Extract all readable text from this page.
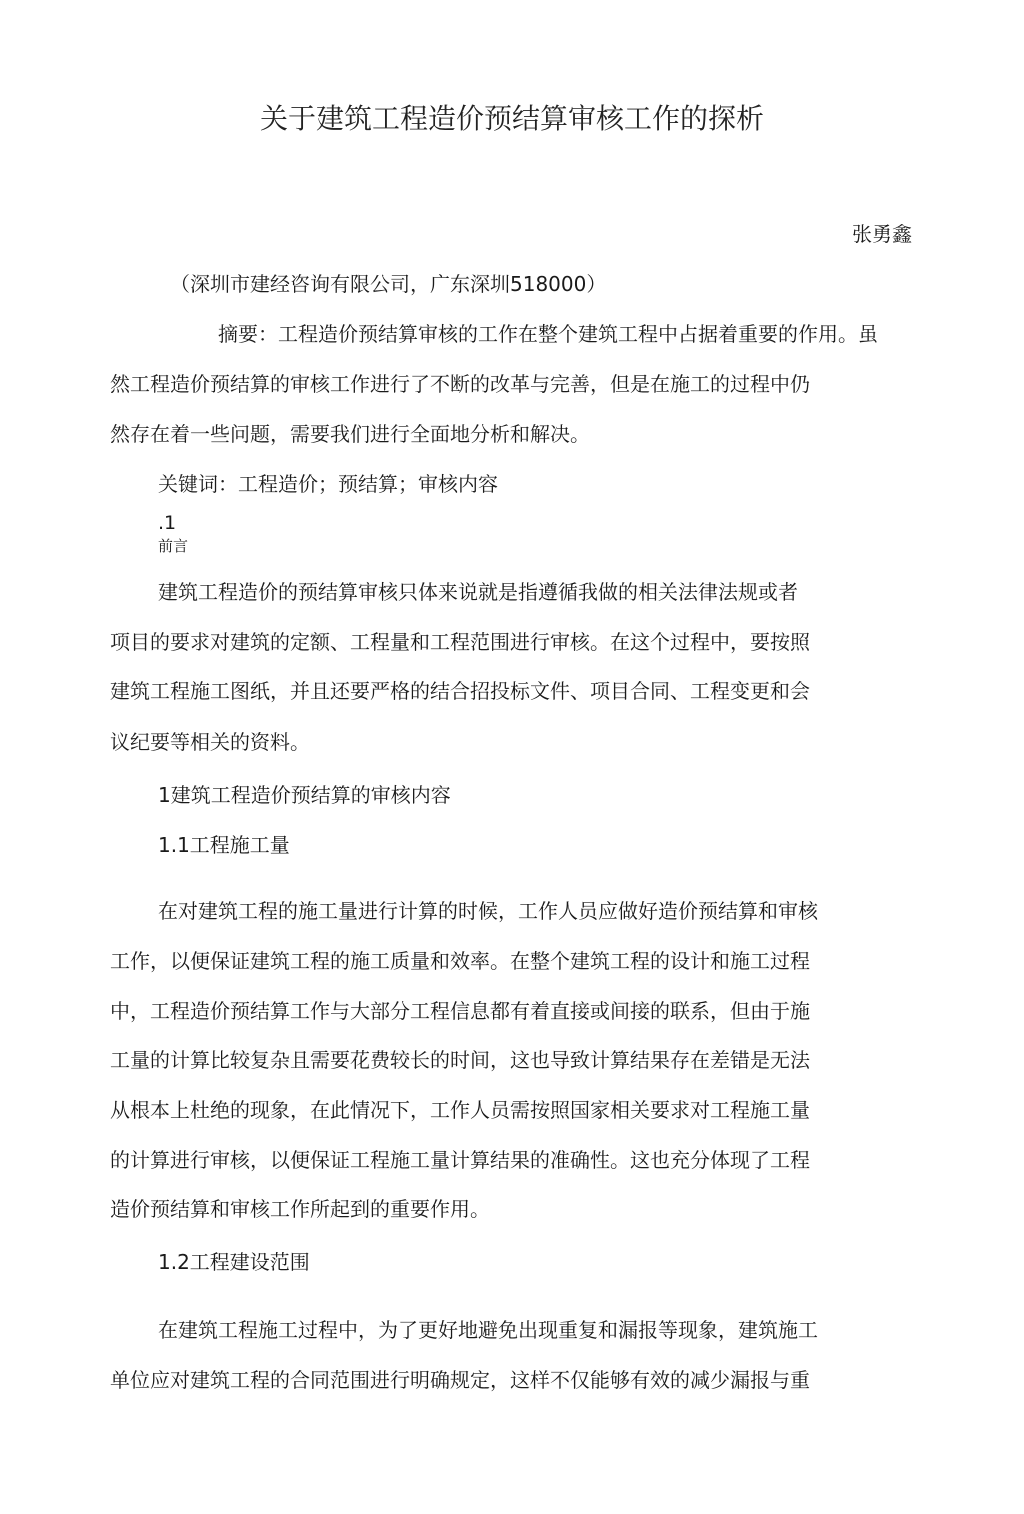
关于建筑工程造价预结算审核工作的探析
张勇鑫
（深圳市建经咨询有限公司，广东深圳518000）
摘要：工程造价预结算审核的工作在整个建筑工程中占据着重要的作用。虽
然工程造价预结算的审核工作进行了不断的改革与完善，但是在施工的过程中仍
然存在着一些问题，需要我们进行全面地分析和解决。
关键词：工程造价；预结算；审核内容
.1
前言
建筑工程造价的预结算审核只体来说就是指遵循我做的相关法律法规或者
项目的要求对建筑的定额、工程量和工程范围进行审核。在这个过程中，要按照
建筑工程施工图纸，并且还要严格的结合招投标文件、项目合同、工程变更和会
议纪要等相关的资料。
1建筑工程造价预结算的审核内容
1.1工程施工量
在对建筑工程的施工量进行计算的时候，工作人员应做好造价预结算和审核
工作，以便保证建筑工程的施工质量和效率。在整个建筑工程的设计和施工过程
中，工程造价预结算工作与大部分工程信息都有着直接或间接的联系，但由于施
工量的计算比较复杂且需要花费较长的时间，这也导致计算结果存在差错是无法
从根本上杜绝的现象，在此情况下，工作人员需按照国家相关要求对工程施工量
的计算进行审核，以便保证工程施工量计算结果的准确性。这也充分体现了工程
造价预结算和审核工作所起到的重要作用。
1.2工程建设范围
在建筑工程施工过程中，为了更好地避免出现重复和漏报等现象，建筑施工
单位应对建筑工程的合同范围进行明确规定，这样不仅能够有效的减少漏报与重
